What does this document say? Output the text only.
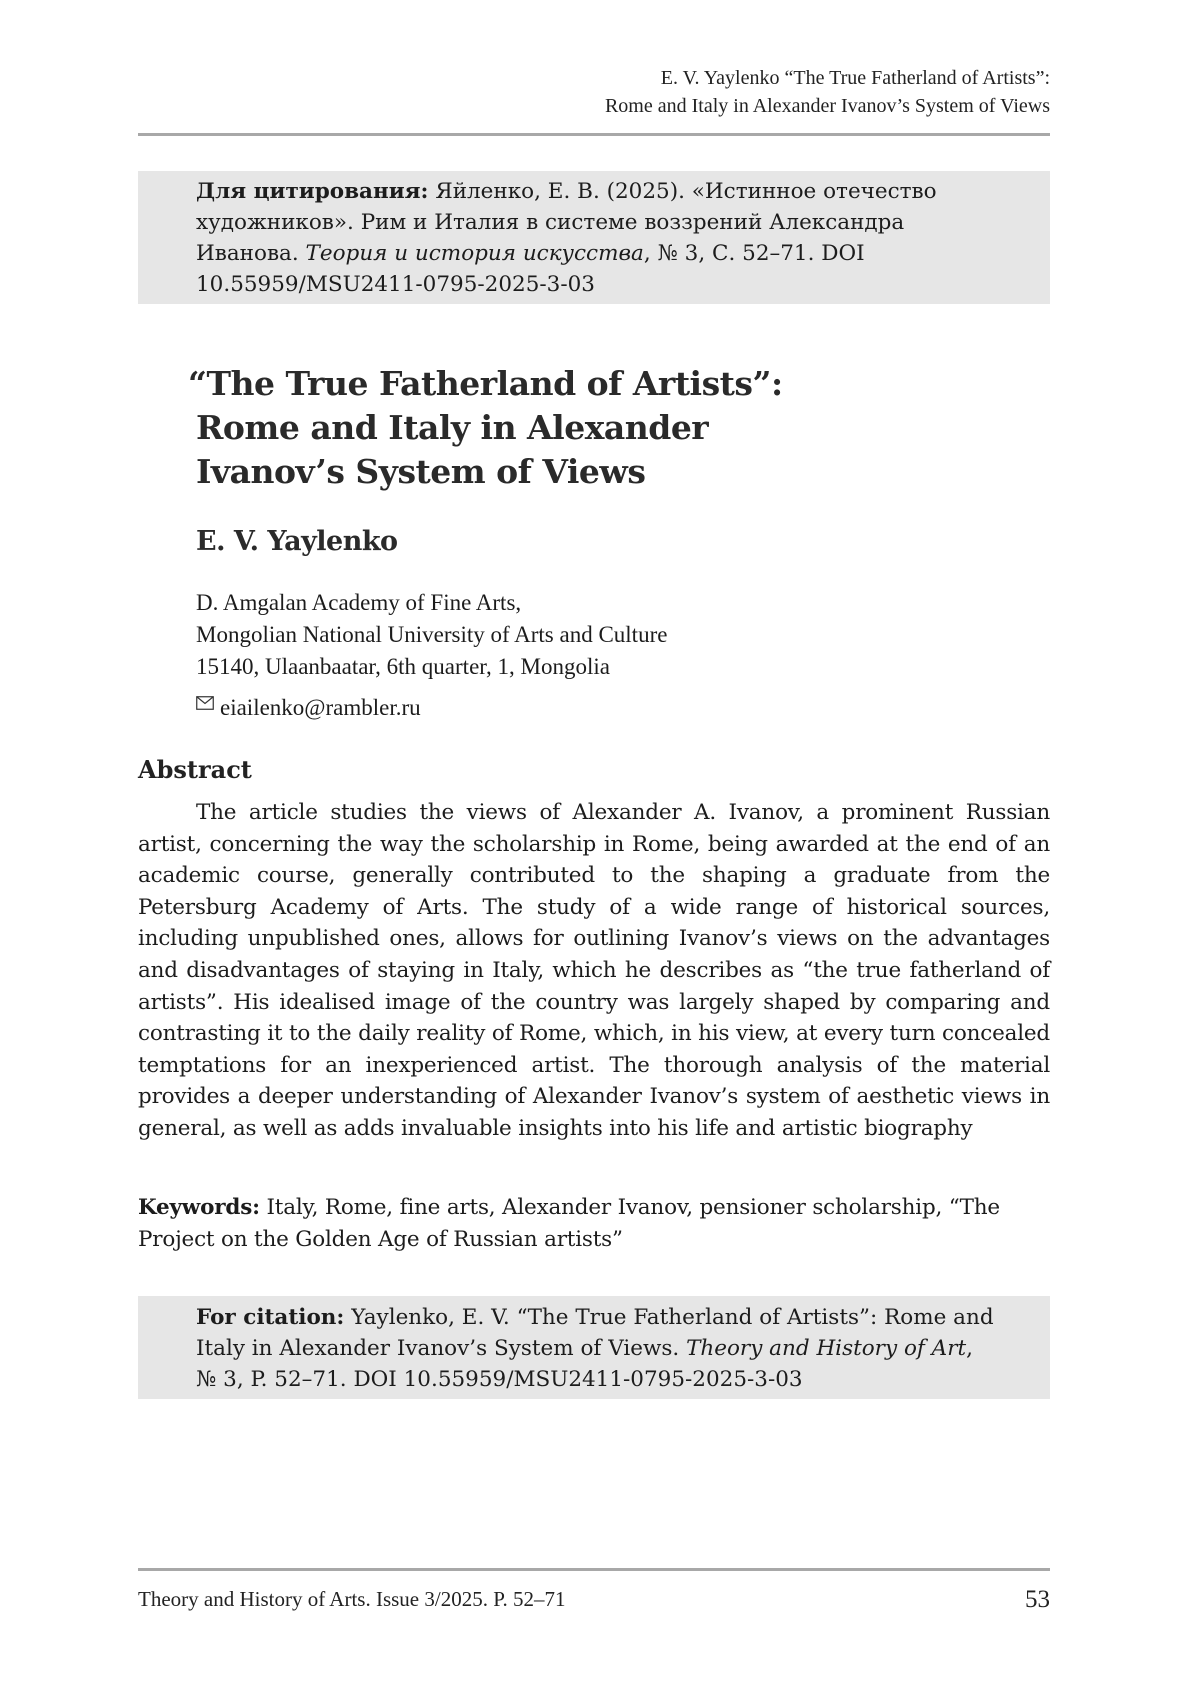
E. V. Yaylenko “The True Fatherland of Artists”:
Rome and Italy in Alexander Ivanov’s System of Views
Для цитирования: Яйленко, Е. В. (2025). «Истинное отечество художников». Рим и Италия в системе воззрений Александра Иванова. Теория и история искусства, № 3, С. 52–71. DOI 10.55959/MSU2411-0795-2025-3-03
“The True Fatherland of Artists”:
Rome and Italy in Alexander
Ivanov’s System of Views
E. V. Yaylenko
D. Amgalan Academy of Fine Arts,
Mongolian National University of Arts and Culture
15140, Ulaanbaatar, 6th quarter, 1, Mongolia
eiailenko@rambler.ru
Abstract

The article studies the views of Alexander A. Ivanov, a prominent Russian artist, concerning the way the scholarship in Rome, being awarded at the end of an academic course, generally contributed to the shaping a graduate from the Petersburg Academy of Arts. The study of a wide range of historical sources, including unpublished ones, allows for outlining Ivanov’s views on the advantages and disadvantages of staying in Italy, which he describes as “the true fatherland of artists”. His idealised image of the country was largely shaped by comparing and contrasting it to the daily reality of Rome, which, in his view, at every turn concealed temptations for an inexperienced artist. The thorough analysis of the material provides a deeper understanding of Alexander Ivanov’s system of aesthetic views in general, as well as adds invaluable insights into his life and artistic biography

Keywords: Italy, Rome, fine arts, Alexander Ivanov, pensioner scholarship, “The Project on the Golden Age of Russian artists”

For citation: Yaylenko, E. V. “The True Fatherland of Artists”: Rome and Italy in Alexander Ivanov’s System of Views. Theory and History of Art, № 3, P. 52–71. DOI 10.55959/MSU2411-0795-2025-3-03
Theory and History of Arts. Issue 3/2025. P. 52–71	53
